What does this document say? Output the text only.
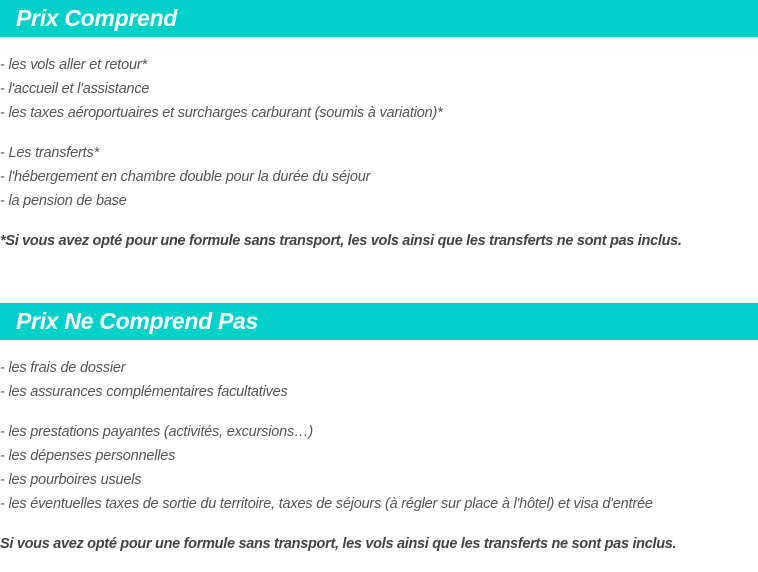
Prix Comprend
- les vols aller et retour*
- l'accueil et l'assistance
- les taxes aéroportuaires et surcharges carburant (soumis à variation)*
- Les transferts*
- l'hébergement en chambre double pour la durée du séjour
- la pension de base
*Si vous avez opté pour une formule sans transport, les vols ainsi que les transferts ne sont pas inclus.
Prix Ne Comprend Pas
- les frais de dossier
- les assurances complémentaires facultatives
- les prestations payantes (activités, excursions…)
- les dépenses personnelles
- les pourboires usuels
- les éventuelles taxes de sortie du territoire, taxes de séjours (à régler sur place à l'hôtel) et visa d'entrée
Si vous avez opté pour une formule sans transport, les vols ainsi que les transferts ne sont pas inclus.
